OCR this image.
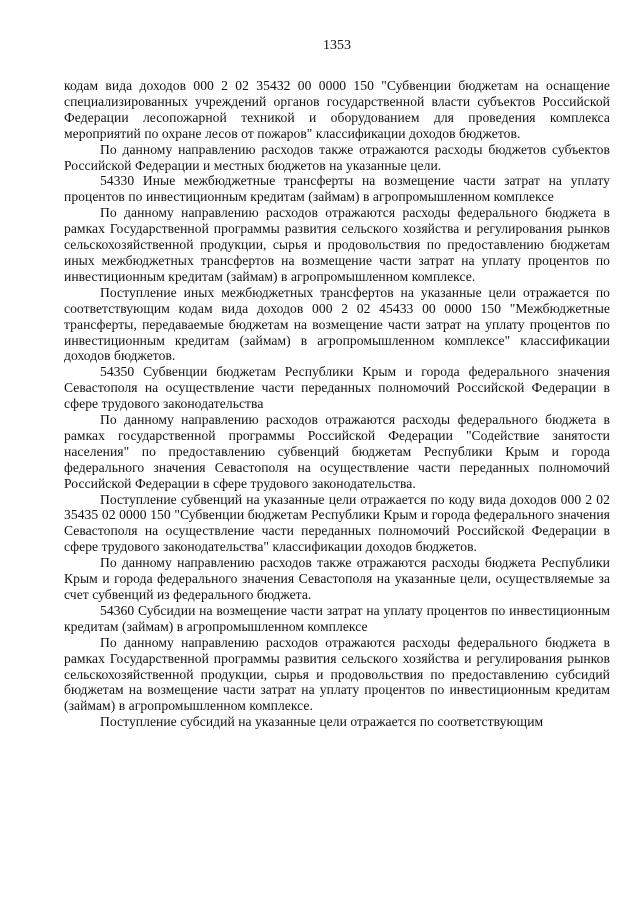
1353

кодам вида доходов 000 2 02 35432 00 0000 150 "Субвенции бюджетам на оснащение специализированных учреждений органов государственной власти субъектов Российской Федерации лесопожарной техникой и оборудованием для проведения комплекса мероприятий по охране лесов от пожаров" классификации доходов бюджетов.

По данному направлению расходов также отражаются расходы бюджетов субъектов Российской Федерации и местных бюджетов на указанные цели.

54330 Иные межбюджетные трансферты на возмещение части затрат на уплату процентов по инвестиционным кредитам (займам) в агропромышленном комплексе

По данному направлению расходов отражаются расходы федерального бюджета в рамках Государственной программы развития сельского хозяйства и регулирования рынков сельскохозяйственной продукции, сырья и продовольствия по предоставлению бюджетам иных межбюджетных трансфертов на возмещение части затрат на уплату процентов по инвестиционным кредитам (займам) в агропромышленном комплексе.

Поступление иных межбюджетных трансфертов на указанные цели отражается по соответствующим кодам вида доходов 000 2 02 45433 00 0000 150 "Межбюджетные трансферты, передаваемые бюджетам на возмещение части затрат на уплату процентов по инвестиционным кредитам (займам) в агропромышленном комплексе" классификации доходов бюджетов.

54350 Субвенции бюджетам Республики Крым и города федерального значения Севастополя на осуществление части переданных полномочий Российской Федерации в сфере трудового законодательства

По данному направлению расходов отражаются расходы федерального бюджета в рамках государственной программы Российской Федерации "Содействие занятости населения" по предоставлению субвенций бюджетам Республики Крым и города федерального значения Севастополя на осуществление части переданных полномочий Российской Федерации в сфере трудового законодательства.

Поступление субвенций на указанные цели отражается по коду вида доходов 000 2 02 35435 02 0000 150 "Субвенции бюджетам Республики Крым и города федерального значения Севастополя на осуществление части переданных полномочий Российской Федерации в сфере трудового законодательства" классификации доходов бюджетов.

По данному направлению расходов также отражаются расходы бюджета Республики Крым и города федерального значения Севастополя на указанные цели, осуществляемые за счет субвенций из федерального бюджета.

54360 Субсидии на возмещение части затрат на уплату процентов по инвестиционным кредитам (займам) в агропромышленном комплексе

По данному направлению расходов отражаются расходы федерального бюджета в рамках Государственной программы развития сельского хозяйства и регулирования рынков сельскохозяйственной продукции, сырья и продовольствия по предоставлению субсидий бюджетам на возмещение части затрат на уплату процентов по инвестиционным кредитам (займам) в агропромышленном комплексе.

Поступление субсидий на указанные цели отражается по соответствующим
